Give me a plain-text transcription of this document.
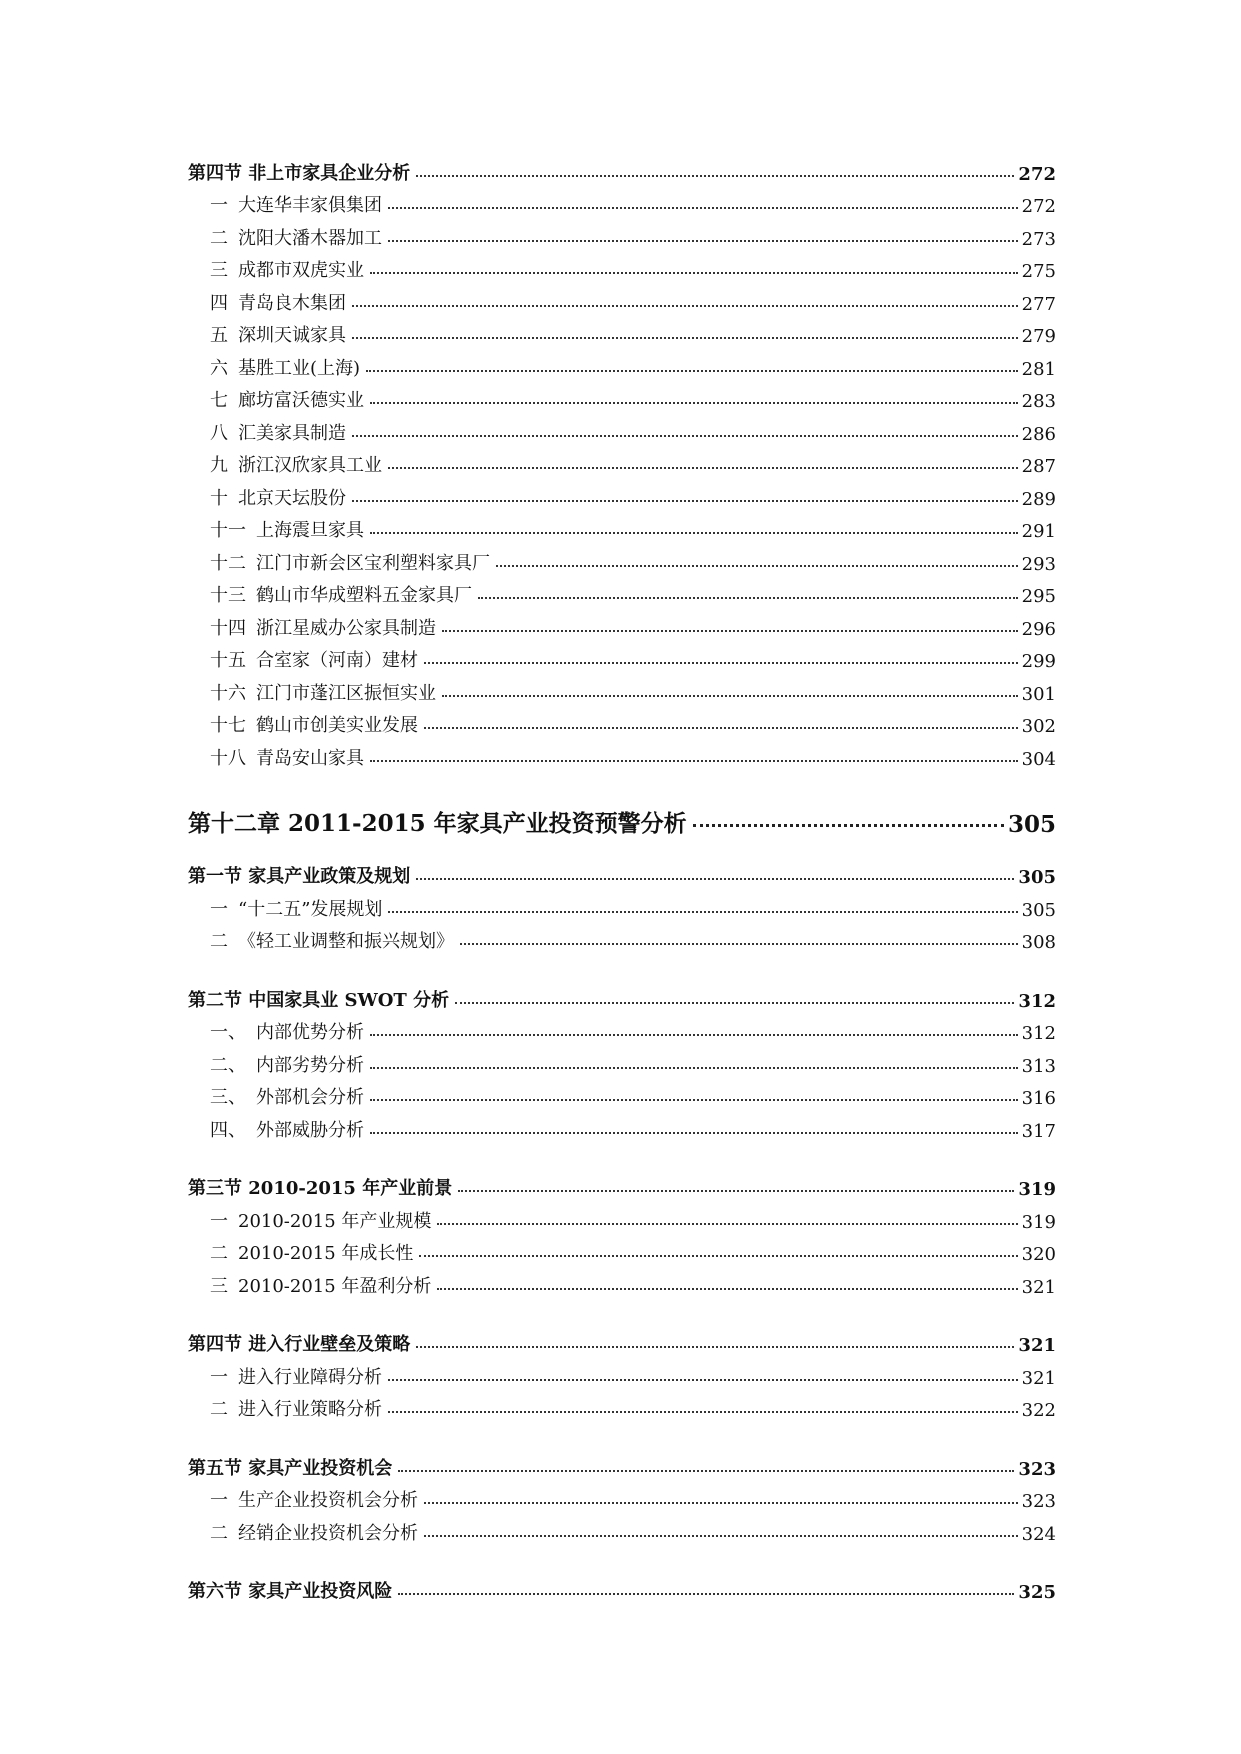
第四节 非上市家具企业分析	272
一 大连华丰家俱集团	272
二 沈阳大潘木器加工	273
三 成都市双虎实业	275
四 青岛良木集团	277
五 深圳天诚家具	279
六 基胜工业(上海)	281
七 廊坊富沃德实业	283
八 汇美家具制造	286
九 浙江汉欣家具工业	287
十 北京天坛股份	289
十一 上海震旦家具	291
十二 江门市新会区宝利塑料家具厂	293
十三 鹤山市华成塑料五金家具厂	295
十四 浙江星威办公家具制造	296
十五 合室家（河南）建材	299
十六 江门市蓬江区振恒实业	301
十七 鹤山市创美实业发展	302
十八 青岛安山家具	304
第十二章 2011-2015 年家具产业投资预警分析	305
第一节 家具产业政策及规划	305
一 “十二五”发展规划	305
二 《轻工业调整和振兴规划》	308
第二节 中国家具业 SWOT 分析	312
一、 内部优势分析	312
二、 内部劣势分析	313
三、 外部机会分析	316
四、 外部威胁分析	317
第三节 2010-2015 年产业前景	319
一 2010-2015 年产业规模	319
二 2010-2015 年成长性	320
三 2010-2015 年盈利分析	321
第四节 进入行业壁垒及策略	321
一 进入行业障碍分析	321
二 进入行业策略分析	322
第五节 家具产业投资机会	323
一 生产企业投资机会分析	323
二 经销企业投资机会分析	324
第六节 家具产业投资风险	325
